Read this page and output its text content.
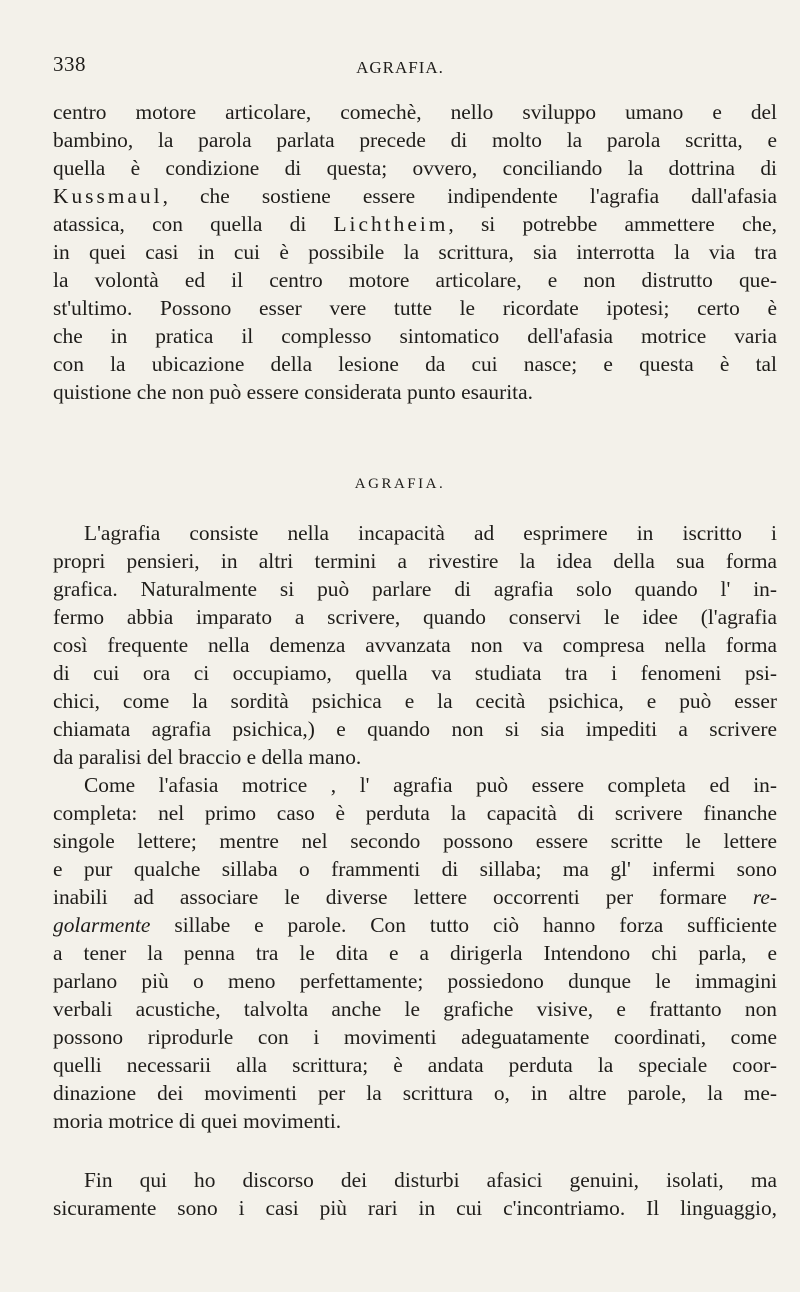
338	AGRAFIA.
centro motore articolare, comechè, nello sviluppo umano e del
bambino, la parola parlata precede di molto la parola scritta, e
quella è condizione di questa; ovvero, conciliando la dottrina di
Kussmaul, che sostiene essere indipendente l'agrafia dall'afasia
atassica, con quella di Lichtheim, si potrebbe ammettere che,
in quei casi in cui è possibile la scrittura, sia interrotta la via tra
la volontà ed il centro motore articolare, e non distrutto que-
st'ultimo. Possono esser vere tutte le ricordate ipotesi; certo è
che in pratica il complesso sintomatico dell'afasia motrice varia
con la ubicazione della lesione da cui nasce; e questa è tal
quistione che non può essere considerata punto esaurita.
AGRAFIA.
L'agrafia consiste nella incapacità ad esprimere in iscritto i
propri pensieri, in altri termini a rivestire la idea della sua forma
grafica. Naturalmente si può parlare di agrafia solo quando l' in-
fermo abbia imparato a scrivere, quando conservi le idee (l'agrafia
così frequente nella demenza avvanzata non va compresa nella forma
di cui ora ci occupiamo, quella va studiata tra i fenomeni psi-
chici, come la sordità psichica e la cecità psichica, e può esser
chiamata agrafia psichica,) e quando non si sia impediti a scrivere
da paralisi del braccio e della mano.
Come l'afasia motrice , l' agrafia può essere completa ed in-
completa: nel primo caso è perduta la capacità di scrivere finanche
singole lettere; mentre nel secondo possono essere scritte le lettere
e pur qualche sillaba o frammenti di sillaba; ma gl' infermi sono
inabili ad associare le diverse lettere occorrenti per formare re-
golarmente sillabe e parole. Con tutto ciò hanno forza sufficiente
a tener la penna tra le dita e a dirigerla Intendono chi parla, e
parlano più o meno perfettamente; possiedono dunque le immagini
verbali acustiche, talvolta anche le grafiche visive, e frattanto non
possono riprodurle con i movimenti adeguatamente coordinati, come
quelli necessarii alla scrittura; è andata perduta la speciale coor-
dinazione dei movimenti per la scrittura o, in altre parole, la me-
moria motrice di quei movimenti.
Fin qui ho discorso dei disturbi afasici genuini, isolati, ma
sicuramente sono i casi più rari in cui c'incontriamo. Il linguaggio,
